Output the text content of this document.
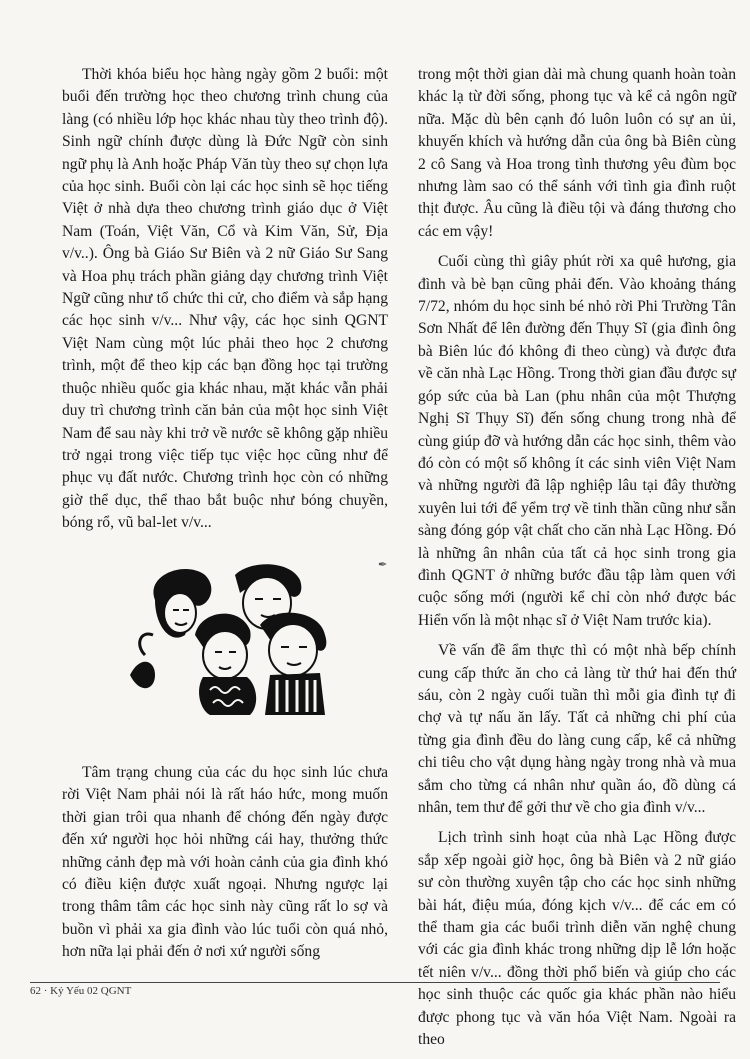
Thời khóa biểu học hàng ngày gồm 2 buổi: một buổi đến trường học theo chương trình chung của làng (có nhiều lớp học khác nhau tùy theo trình độ). Sinh ngữ chính được dùng là Đức Ngữ còn sinh ngữ phụ là Anh hoặc Pháp Văn tùy theo sự chọn lựa của học sinh. Buổi còn lại các học sinh sẽ học tiếng Việt ở nhà dựa theo chương trình giáo dục ở Việt Nam (Toán, Việt Văn, Cổ và Kim Văn, Sử, Địa v/v..). Ông bà Giáo Sư Biên và 2 nữ Giáo Sư Sang và Hoa phụ trách phần giảng dạy chương trình Việt Ngữ cũng như tổ chức thi cử, cho điểm và sắp hạng các học sinh v/v... Như vậy, các học sinh QGNT Việt Nam cùng một lúc phải theo học 2 chương trình, một để theo kịp các bạn đồng học tại trường thuộc nhiều quốc gia khác nhau, mặt khác vẫn phải duy trì chương trình căn bản của một học sinh Việt Nam để sau này khi trở về nước sẽ không gặp nhiều trở ngại trong việc tiếp tục việc học cũng như để phục vụ đất nước. Chương trình học còn có những giờ thể dục, thể thao bắt buộc như bóng chuyền, bóng rổ, vũ bal-let v/v...

✒

Tâm trạng chung của các du học sinh lúc chưa rời Việt Nam phải nói là rất háo hức, mong muốn thời gian trôi qua nhanh để chóng đến ngày được đến xứ người học hỏi những cái hay, thưởng thức những cảnh đẹp mà với hoàn cảnh của gia đình khó có điều kiện được xuất ngoại. Nhưng ngược lại trong thâm tâm các học sinh này cũng rất lo sợ và buồn vì phải xa gia đình vào lúc tuổi còn quá nhỏ, hơn nữa lại phải đến ở nơi xứ người sống

trong một thời gian dài mà chung quanh hoàn toàn khác lạ từ đời sống, phong tục và kể cả ngôn ngữ nữa. Mặc dù bên cạnh đó luôn luôn có sự an ủi, khuyến khích và hướng dẫn của ông bà Biên cùng 2 cô Sang và Hoa trong tình thương yêu đùm bọc nhưng làm sao có thể sánh với tình gia đình ruột thịt được. Âu cũng là điều tội và đáng thương cho các em vậy!

Cuối cùng thì giây phút rời xa quê hương, gia đình và bè bạn cũng phải đến. Vào khoảng tháng 7/72, nhóm du học sinh bé nhỏ rời Phi Trường Tân Sơn Nhất để lên đường đến Thụy Sĩ (gia đình ông bà Biên lúc đó không đi theo cùng) và được đưa về căn nhà Lạc Hồng. Trong thời gian đầu được sự góp sức của bà Lan (phu nhân của một Thượng Nghị Sĩ Thụy Sĩ) đến sống chung trong nhà để cùng giúp đỡ và hướng dẫn các học sinh, thêm vào đó còn có một số không ít các sinh viên Việt Nam và những người đã lập nghiệp lâu tại đây thường xuyên lui tới để yểm trợ về tinh thần cũng như sẵn sàng đóng góp vật chất cho căn nhà Lạc Hồng. Đó là những ân nhân của tất cả học sinh trong gia đình QGNT ở những bước đầu tập làm quen với cuộc sống mới (người kể chỉ còn nhớ được bác Hiển vốn là một nhạc sĩ ở Việt Nam trước kia).

Về vấn đề ẩm thực thì có một nhà bếp chính cung cấp thức ăn cho cả làng từ thứ hai đến thứ sáu, còn 2 ngày cuối tuần thì mỗi gia đình tự đi chợ và tự nấu ăn lấy. Tất cả những chi phí của từng gia đình đều do làng cung cấp, kể cả những chi tiêu cho vật dụng hàng ngày trong nhà và mua sắm cho từng cá nhân như quần áo, đồ dùng cá nhân, tem thư để gởi thư về cho gia đình v/v...

Lịch trình sinh hoạt của nhà Lạc Hồng được sắp xếp ngoài giờ học, ông bà Biên và 2 nữ giáo sư còn thường xuyên tập cho các học sinh những bài hát, điệu múa, đóng kịch v/v... để các em có thể tham gia các buổi trình diễn văn nghệ chung với các gia đình khác trong những dịp lễ lớn hoặc tết niên v/v... đồng thời phổ biến và giúp cho các học sinh thuộc các quốc gia khác phần nào hiểu được phong tục và văn hóa Việt Nam. Ngoài ra theo

62 · Kỷ Yếu 02 QGNT
